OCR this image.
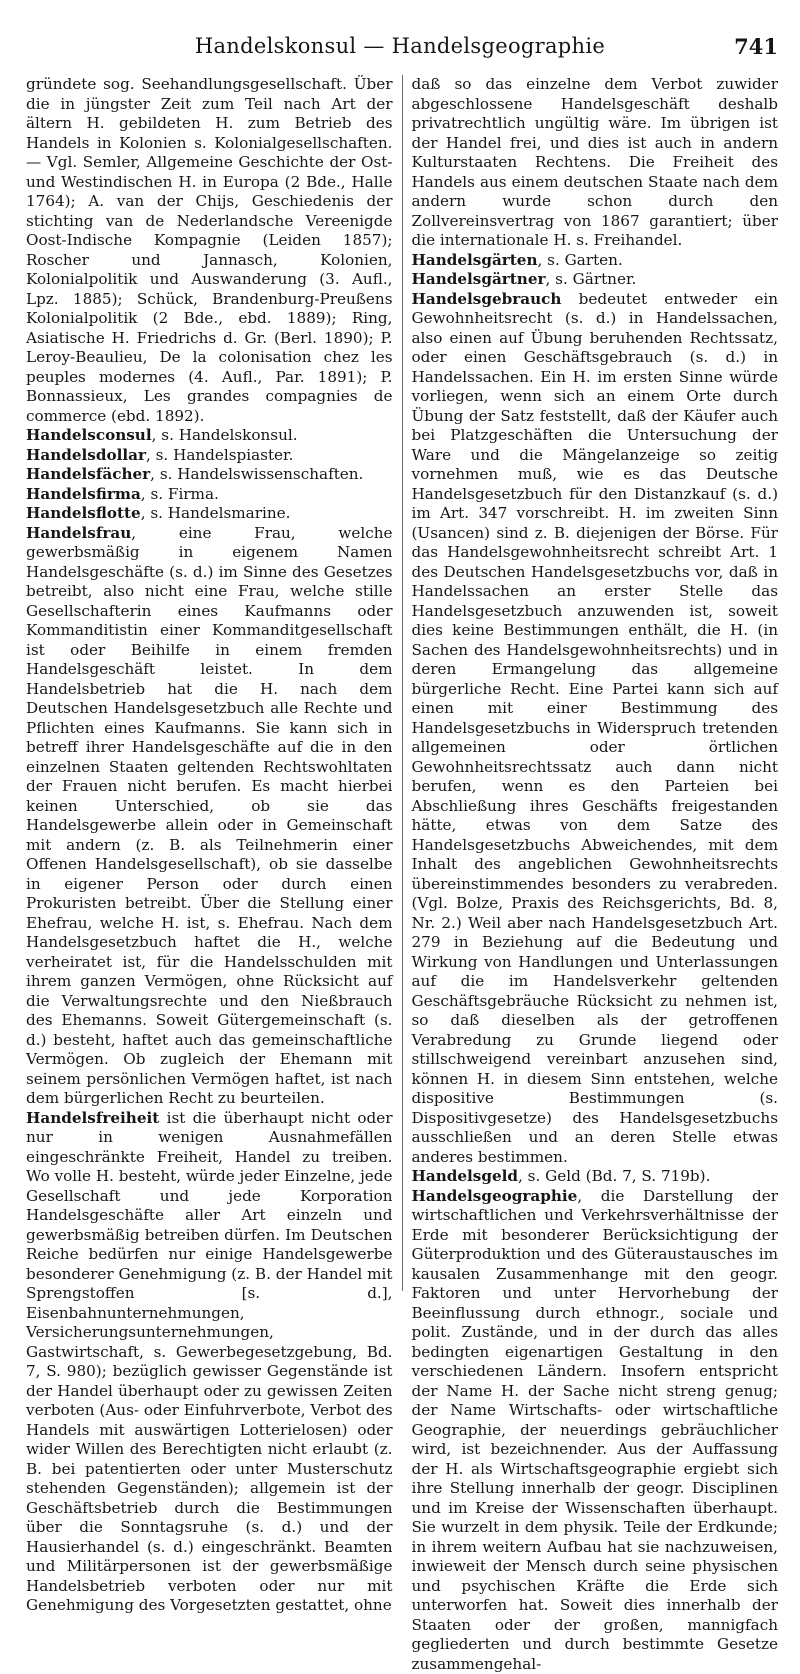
Handelskonsul — Handelsgeographie	741

gründete sog. Seehandlungsgesellschaft. Über die in jüngster Zeit zum Teil nach Art der ältern H. gebildeten H. zum Betrieb des Handels in Kolonien s. Kolonialgesellschaften. — Vgl. Semler, Allgemeine Geschichte der Ost- und Westindischen H. in Europa (2 Bde., Halle 1764); A. van der Chijs, Geschiedenis der stichting van de Nederlandsche Vereenigde Oost-Indische Kompagnie (Leiden 1857); Roscher und Jannasch, Kolonien, Kolonialpolitik und Auswanderung (3. Aufl., Lpz. 1885); Schück, Brandenburg-Preußens Kolonialpolitik (2 Bde., ebd. 1889); Ring, Asiatische H. Friedrichs d. Gr. (Berl. 1890); P. Leroy-Beaulieu, De la colonisation chez les peuples modernes (4. Aufl., Par. 1891); P. Bonnassieux, Les grandes compagnies de commerce (ebd. 1892).

Handelsconsul, s. Handelskonsul.

Handelsdollar, s. Handelspiaster.

Handelsfächer, s. Handelswissenschaften.

Handelsfirma, s. Firma.

Handelsflotte, s. Handelsmarine.

Handelsfrau, eine Frau, welche gewerbsmäßig in eigenem Namen Handelsgeschäfte (s. d.) im Sinne des Gesetzes betreibt, also nicht eine Frau, welche stille Gesellschafterin eines Kaufmanns oder Kommanditistin einer Kommanditgesellschaft ist oder Beihilfe in einem fremden Handelsgeschäft leistet. In dem Handelsbetrieb hat die H. nach dem Deutschen Handelsgesetzbuch alle Rechte und Pflichten eines Kaufmanns. Sie kann sich in betreff ihrer Handelsgeschäfte auf die in den einzelnen Staaten geltenden Rechtswohltaten der Frauen nicht berufen. Es macht hierbei keinen Unterschied, ob sie das Handelsgewerbe allein oder in Gemeinschaft mit andern (z. B. als Teilnehmerin einer Offenen Handelsgesellschaft), ob sie dasselbe in eigener Person oder durch einen Prokuristen betreibt. Über die Stellung einer Ehefrau, welche H. ist, s. Ehefrau. Nach dem Handelsgesetzbuch haftet die H., welche verheiratet ist, für die Handelsschulden mit ihrem ganzen Vermögen, ohne Rücksicht auf die Verwaltungsrechte und den Nießbrauch des Ehemanns. Soweit Gütergemeinschaft (s. d.) besteht, haftet auch das gemeinschaftliche Vermögen. Ob zugleich der Ehemann mit seinem persönlichen Vermögen haftet, ist nach dem bürgerlichen Recht zu beurteilen.

Handelsfreiheit ist die überhaupt nicht oder nur in wenigen Ausnahmefällen eingeschränkte Freiheit, Handel zu treiben. Wo volle H. besteht, würde jeder Einzelne, jede Gesellschaft und jede Korporation Handelsgeschäfte aller Art einzeln und gewerbsmäßig betreiben dürfen. Im Deutschen Reiche bedürfen nur einige Handelsgewerbe besonderer Genehmigung (z. B. der Handel mit Sprengstoffen [s. d.], Eisenbahnunternehmungen, Versicherungsunternehmungen, Gastwirtschaft, s. Gewerbegesetzgebung, Bd. 7, S. 980); bezüglich gewisser Gegenstände ist der Handel überhaupt oder zu gewissen Zeiten verboten (Aus- oder Einfuhrverbote, Verbot des Handels mit auswärtigen Lotterielosen) oder wider Willen des Berechtigten nicht erlaubt (z. B. bei patentierten oder unter Musterschutz stehenden Gegenständen); allgemein ist der Geschäftsbetrieb durch die Bestimmungen über die Sonntagsruhe (s. d.) und der Hausierhandel (s. d.) eingeschränkt. Beamten und Militärpersonen ist der gewerbsmäßige Handelsbetrieb verboten oder nur mit Genehmigung des Vorgesetzten gestattet, ohne

daß so das einzelne dem Verbot zuwider abgeschlossene Handelsgeschäft deshalb privatrechtlich ungültig wäre. Im übrigen ist der Handel frei, und dies ist auch in andern Kulturstaaten Rechtens. Die Freiheit des Handels aus einem deutschen Staate nach dem andern wurde schon durch den Zollvereinsvertrag von 1867 garantiert; über die internationale H. s. Freihandel.

Handelsgärten, s. Garten.

Handelsgärtner, s. Gärtner.

Handelsgebrauch bedeutet entweder ein Gewohnheitsrecht (s. d.) in Handelssachen, also einen auf Übung beruhenden Rechtssatz, oder einen Geschäftsgebrauch (s. d.) in Handelssachen. Ein H. im ersten Sinne würde vorliegen, wenn sich an einem Orte durch Übung der Satz feststellt, daß der Käufer auch bei Platzgeschäften die Untersuchung der Ware und die Mängelanzeige so zeitig vornehmen muß, wie es das Deutsche Handelsgesetzbuch für den Distanzkauf (s. d.) im Art. 347 vorschreibt. H. im zweiten Sinn (Usancen) sind z. B. diejenigen der Börse. Für das Handelsgewohnheitsrecht schreibt Art. 1 des Deutschen Handelsgesetzbuchs vor, daß in Handelssachen an erster Stelle das Handelsgesetzbuch anzuwenden ist, soweit dies keine Bestimmungen enthält, die H. (in Sachen des Handelsgewohnheitsrechts) und in deren Ermangelung das allgemeine bürgerliche Recht. Eine Partei kann sich auf einen mit einer Bestimmung des Handelsgesetzbuchs in Widerspruch tretenden allgemeinen oder örtlichen Gewohnheitsrechtssatz auch dann nicht berufen, wenn es den Parteien bei Abschließung ihres Geschäfts freigestanden hätte, etwas von dem Satze des Handelsgesetzbuchs Abweichendes, mit dem Inhalt des angeblichen Gewohnheitsrechts übereinstimmendes besonders zu verabreden. (Vgl. Bolze, Praxis des Reichsgerichts, Bd. 8, Nr. 2.) Weil aber nach Handelsgesetzbuch Art. 279 in Beziehung auf die Bedeutung und Wirkung von Handlungen und Unterlassungen auf die im Handelsverkehr geltenden Geschäftsgebräuche Rücksicht zu nehmen ist, so daß dieselben als der getroffenen Verabredung zu Grunde liegend oder stillschweigend vereinbart anzusehen sind, können H. in diesem Sinn entstehen, welche dispositive Bestimmungen (s. Dispositivgesetze) des Handelsgesetzbuchs ausschließen und an deren Stelle etwas anderes bestimmen.

Handelsgeld, s. Geld (Bd. 7, S. 719b).

Handelsgeographie, die Darstellung der wirtschaftlichen und Verkehrsverhältnisse der Erde mit besonderer Berücksichtigung der Güterproduktion und des Güteraustausches im kausalen Zusammenhange mit den geogr. Faktoren und unter Hervorhebung der Beeinflussung durch ethnogr., sociale und polit. Zustände, und in der durch das alles bedingten eigenartigen Gestaltung in den verschiedenen Ländern. Insofern entspricht der Name H. der Sache nicht streng genug; der Name Wirtschafts- oder wirtschaftliche Geographie, der neuerdings gebräuchlicher wird, ist bezeichnender. Aus der Auffassung der H. als Wirtschaftsgeographie ergiebt sich ihre Stellung innerhalb der geogr. Disciplinen und im Kreise der Wissenschaften überhaupt. Sie wurzelt in dem physik. Teile der Erdkunde; in ihrem weitern Aufbau hat sie nachzuweisen, inwieweit der Mensch durch seine physischen und psychischen Kräfte die Erde sich unterworfen hat. Soweit dies innerhalb der Staaten oder der großen, mannigfach gegliederten und durch bestimmte Gesetze zusammengehal-
